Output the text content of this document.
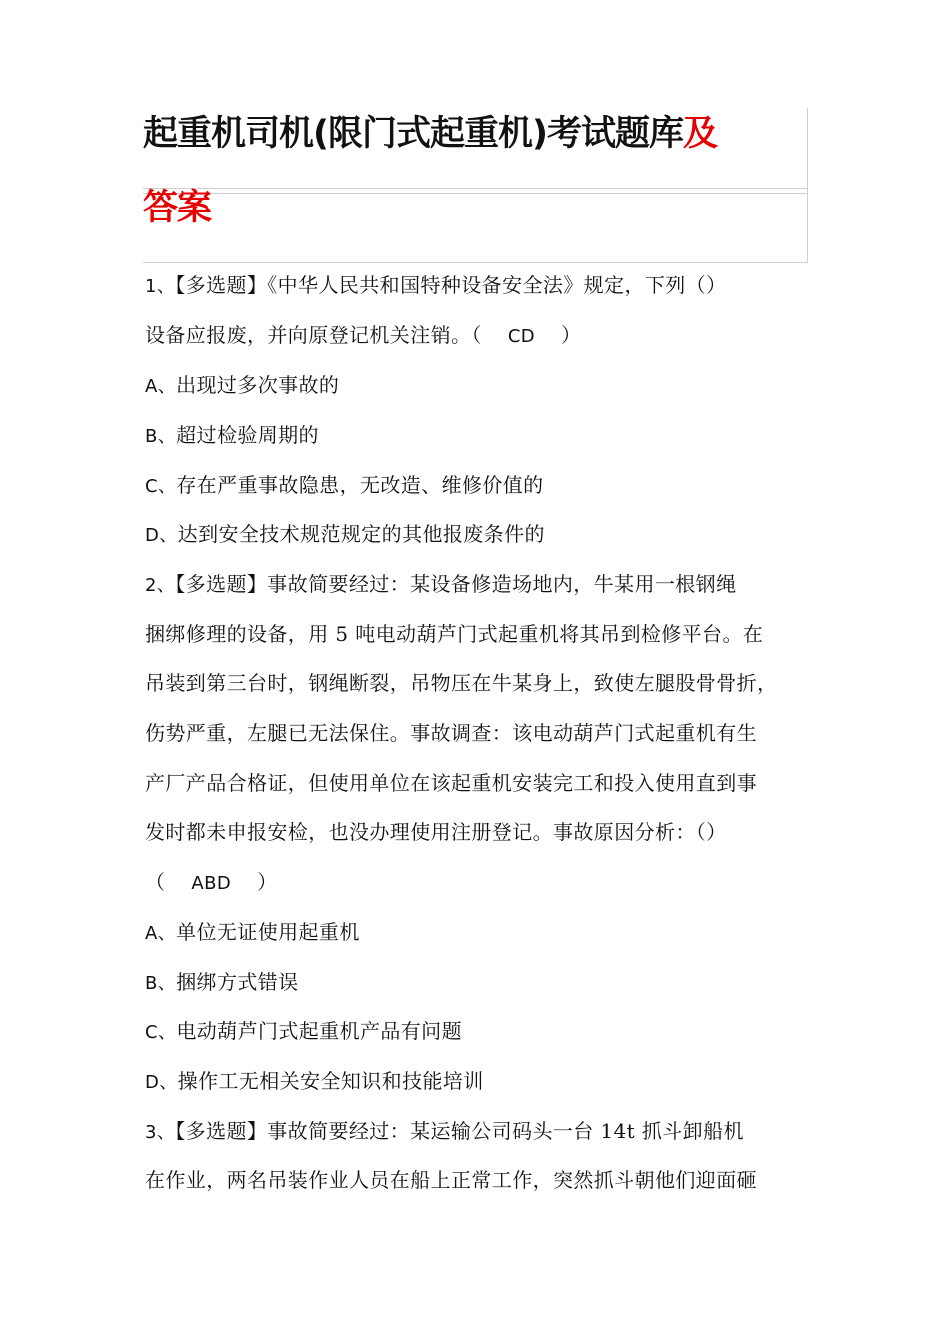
起重机司机(限门式起重机)考试题库及
答案
1、【多选题】《中华人民共和国特种设备安全法》规定，下列（）
设备应报废，并向原登记机关注销。（ CD ）
A、出现过多次事故的
B、超过检验周期的
C、存在严重事故隐患，无改造、维修价值的
D、达到安全技术规范规定的其他报废条件的
2、【多选题】事故简要经过：某设备修造场地内，牛某用一根钢绳
捆绑修理的设备，用 5 吨电动葫芦门式起重机将其吊到检修平台。在
吊装到第三台时，钢绳断裂，吊物压在牛某身上，致使左腿股骨骨折，
伤势严重，左腿已无法保住。事故调查：该电动葫芦门式起重机有生
产厂产品合格证，但使用单位在该起重机安装完工和投入使用直到事
发时都未申报安检，也没办理使用注册登记。事故原因分析：（）
（ ABD ）
A、单位无证使用起重机
B、捆绑方式错误
C、电动葫芦门式起重机产品有问题
D、操作工无相关安全知识和技能培训
3、【多选题】事故简要经过：某运输公司码头一台 14t 抓斗卸船机
在作业，两名吊装作业人员在船上正常工作，突然抓斗朝他们迎面砸
